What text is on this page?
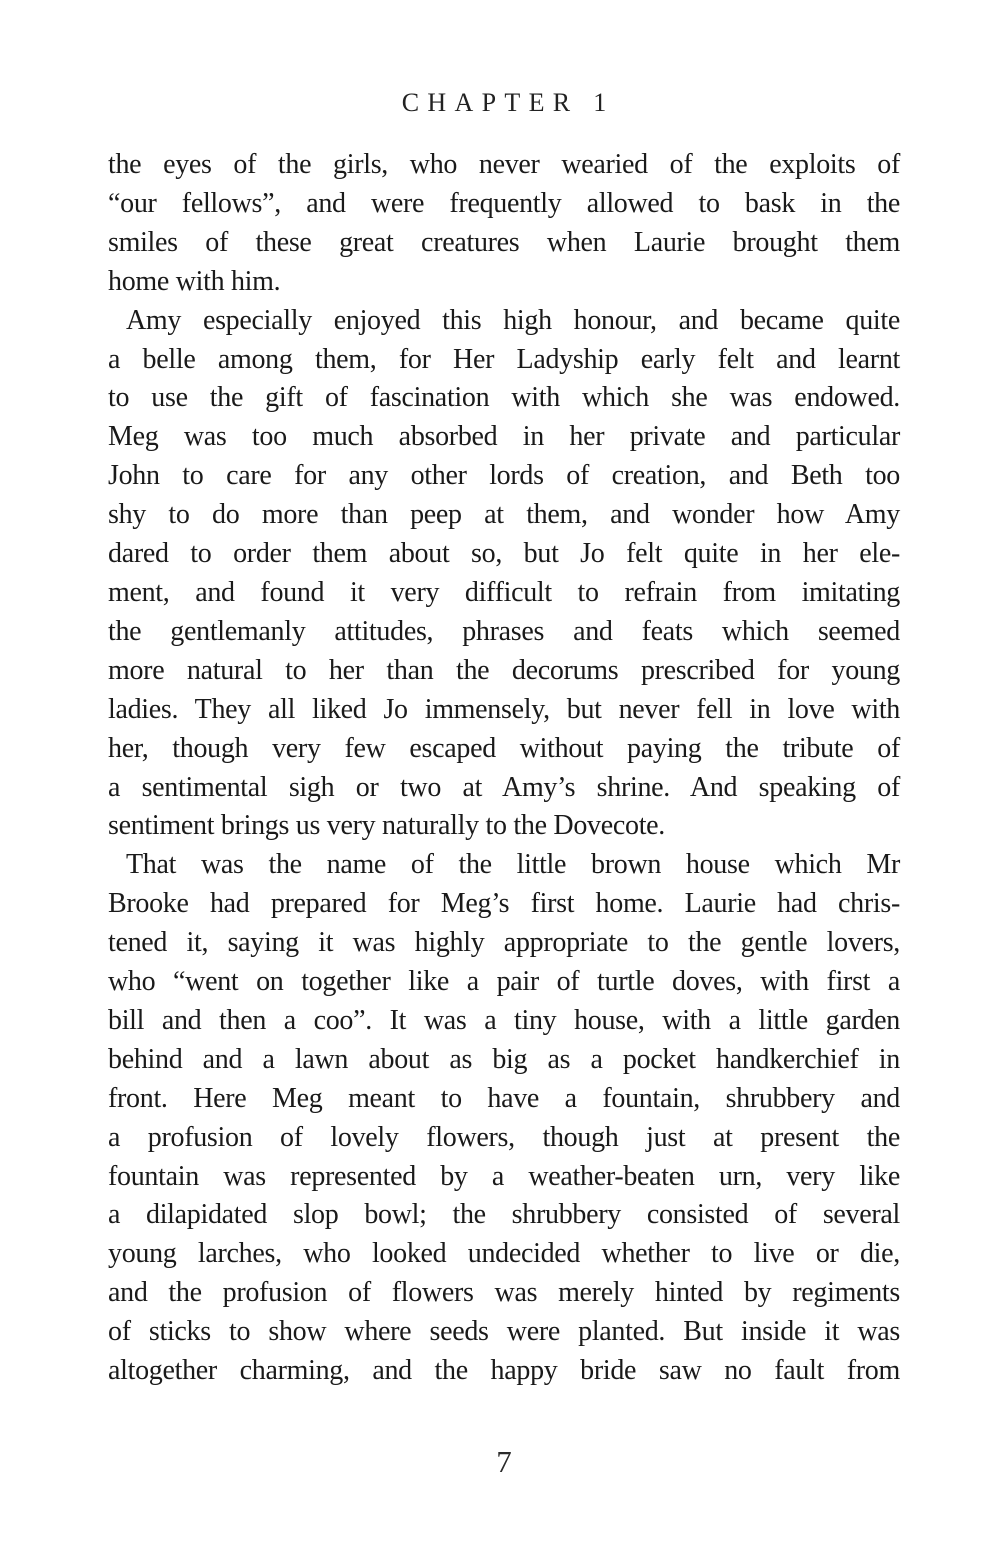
CHAPTER 1
the eyes of the girls, who never wearied of the exploits of
“our fellows”, and were frequently allowed to bask in the
smiles of these great creatures when Laurie brought them
home with him.
Amy especially enjoyed this high honour, and became quite
a belle among them, for Her Ladyship early felt and learnt
to use the gift of fascination with which she was endowed.
Meg was too much absorbed in her private and particular
John to care for any other lords of creation, and Beth too
shy to do more than peep at them, and wonder how Amy
dared to order them about so, but Jo felt quite in her ele-
ment, and found it very difficult to refrain from imitating
the gentlemanly attitudes, phrases and feats which seemed
more natural to her than the decorums prescribed for young
ladies. They all liked Jo immensely, but never fell in love with
her, though very few escaped without paying the tribute of
a sentimental sigh or two at Amy’s shrine. And speaking of
sentiment brings us very naturally to the Dovecote.
That was the name of the little brown house which Mr
Brooke had prepared for Meg’s first home. Laurie had chris-
tened it, saying it was highly appropriate to the gentle lovers,
who “went on together like a pair of turtle doves, with first a
bill and then a coo”. It was a tiny house, with a little garden
behind and a lawn about as big as a pocket handkerchief in
front. Here Meg meant to have a fountain, shrubbery and
a profusion of lovely flowers, though just at present the
fountain was represented by a weather-beaten urn, very like
a dilapidated slop bowl; the shrubbery consisted of several
young larches, who looked undecided whether to live or die,
and the profusion of flowers was merely hinted by regiments
of sticks to show where seeds were planted. But inside it was
altogether charming, and the happy bride saw no fault from
7
